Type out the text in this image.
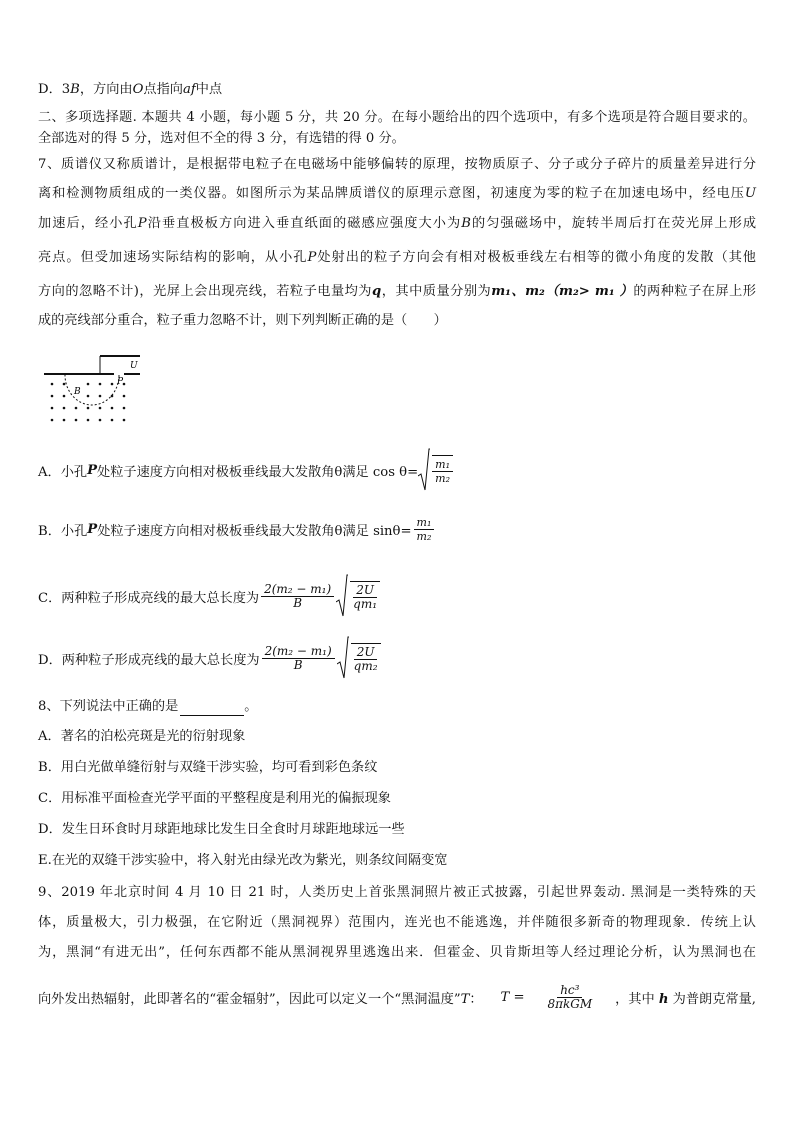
D．3B，方向由O点指向af中点
二、多项选择题. 本题共 4 小题，每小题 5 分，共 20 分。在每小题给出的四个选项中，有多个选项是符合题目要求的。
全部选对的得 5 分，选对但不全的得 3 分，有选错的得 0 分。
7、质谱仪又称质谱计，是根据带电粒子在电磁场中能够偏转的原理，按物质原子、分子或分子碎片的质量差异进行分
离和检测物质组成的一类仪器。如图所示为某品牌质谱仪的原理示意图，初速度为零的粒子在加速电场中，经电压U
加速后，经小孔P沿垂直极板方向进入垂直纸面的磁感应强度大小为B的匀强磁场中，旋转半周后打在荧光屏上形成
亮点。但受加速场实际结构的影响，从小孔P处射出的粒子方向会有相对极板垂线左右相等的微小角度的发散（其他
方向的忽略不计)，光屏上会出现亮线，若粒子电量均为q，其中质量分别为m₁、m₂（m₂> m₁ ）的两种粒子在屏上形
成的亮线部分重合，粒子重力忽略不计，则下列判断正确的是（　　）
U
P
B
A．小孔 P 处粒子速度方向相对极板垂线最大发散角θ满足 $\cos \theta= \frac{\text{m₁}}{\text{m₂}}$
B．小孔 P 处粒子速度方向相对极板垂线最大发散角θ满足 $\sin\theta= \frac{\text{m₁}}{\text{m₂}}$
C．两种粒子形成亮线的最大总长度为 $\frac{\text{2(m₂ − m₁)}}{B} \frac{2U}{\text{qm₁}}$
D．两种粒子形成亮线的最大总长度为 $\frac{\text{2(m₂ − m₁)}}{B} \frac{2U}{\text{qm₂}}$
8、下列说法中正确的是	。
A．著名的泊松亮斑是光的衍射现象
B．用白光做单缝衍射与双缝干涉实验，均可看到彩色条纹
C．用标准平面检查光学平面的平整程度是利用光的偏振现象
D．发生日环食时月球距地球比发生日全食时月球距地球远一些
E.在光的双缝干涉实验中，将入射光由绿光改为紫光，则条纹间隔变宽
9、2019 年北京时间 4 月 10 日 21 时，人类历史上首张黑洞照片被正式披露，引起世界轰动. 黑洞是一类特殊的天
体，质量极大，引力极强，在它附近（黑洞视界）范围内，连光也不能逃逸，并伴随很多新奇的物理现象．传统上认
为，黑洞“有进无出”，任何东西都不能从黑洞视界里逃逸出来．但霍金、贝肯斯坦等人经过理论分析，认为黑洞也在
向外发出热辐射，此即著名的“霍金辐射”，因此可以定义一个“黑洞温度”T： $T = \frac{\text{hc³}}{\text{8πkGM}}$ ，其中 h 为普朗克常量,
